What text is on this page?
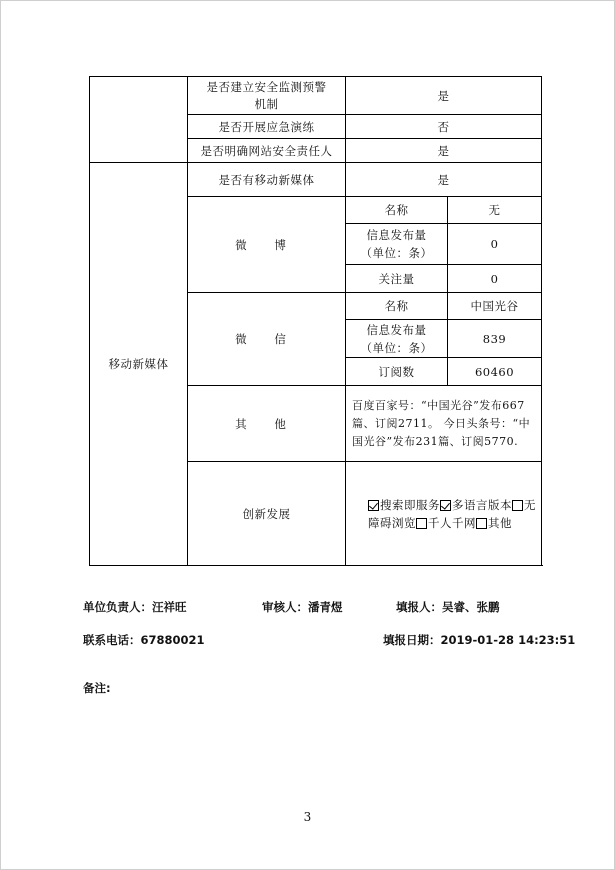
	是否建立安全监测预警机制	是	
	是否开展应急演练	否	
	是否明确网站安全责任人	是	
移动新媒体	是否有移动新媒体	是	
	微 博	名称	无
		信息发布量（单位：条）	0
		关注量	0
	微 信	名称	中国光谷
		信息发布量（单位：条）	839
		订阅数	60460
	其 他	百度百家号：“中国光谷”发布667篇、订阅2711。 今日头条号：“中国光谷”发布231篇、订阅5770.	
	创新发展	搜索即服务 多语言版本 无障碍浏览 千人千网 其他	
单位负责人：汪祥旺	审核人：潘青煜	填报人：吴睿、张鹏
联系电话：67880021	填报日期：2019-01-28 14:23:51
备注:
3
